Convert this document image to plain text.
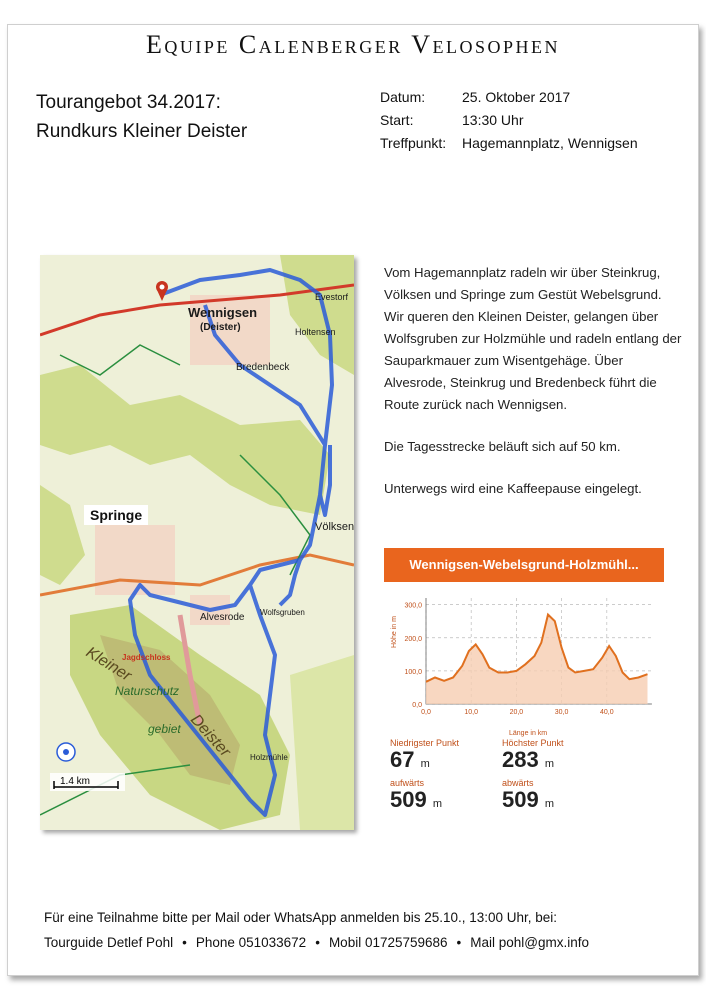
Equipe Calenberger Velosophen
Tourangebot 34.2017:
Rundkurs Kleiner Deister
Datum:	25. Oktober 2017
Start:	13:30 Uhr
Treffpunkt:	Hagemannplatz, Wennigsen
1.4 km
Wennigsen
(Deister)
Springe
Alvesrode
Völksen
Bredenbeck
Holtensen
Evestorf
Kleiner
Deister
Naturschutz
gebiet
Jagdschloss
Wolfsgruben
Holzmühle

Vom Hagemannplatz radeln wir über Steinkrug, Völksen und Springe zum Gestüt Webelsgrund. Wir queren den Kleinen Deister, gelangen über Wolfsgruben zur Holzmühle und radeln entlang der Sauparkmauer zum Wisentgehäge. Über Alvesrode, Steinkrug und Bredenbeck führt die Route zurück nach Wennigsen.

Die Tagesstrecke beläuft sich auf 50 km.

Unterwegs wird eine Kaffeepause eingelegt.

Wennigsen-Webelsgrund-Holzmühl...
0,0
100,0
200,0
300,0
0,0	10,0	20,0	30,0	40,0
Höhe in m
Länge in km
Niedrigster Punkt
67 m
Höchster Punkt
283 m
aufwärts
509 m
abwärts
509 m
Für eine Teilnahme bitte per Mail oder WhatsApp anmelden bis 25.10., 13:00 Uhr, bei:
Tourguide Detlef Pohl • Phone 051033672 • Mobil 01725759686 • Mail pohl@gmx.info
